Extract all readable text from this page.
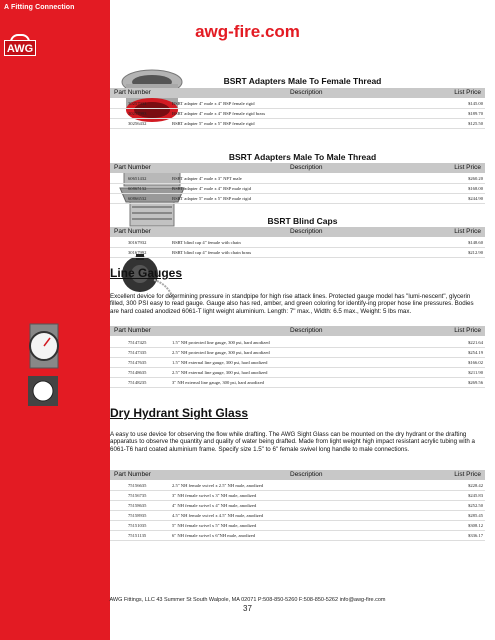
A Fitting Connection
AWG
BSRT Adapters Male To Female Thread
Part Number	Description	List Price
30257932	BSRT adapter 4" male x 4" BSP female rigid	$145.00
30257993	BSRT adapter 4" male x 4" BSP female rigid brass	$189.70
30256432	BSRT adapter 5" male x 5" BSP female rigid	$125.50
BSRT Adapters Male To Male Thread
Part Number	Description	List Price
60651432	BSRT adapter 4" male x 3" NPT male	$260.20
60865132	BSRT adapter 4" male x 4" BSP male rigid	$168.00
60866532	BSRT adapter 5" male x 5" BSP male rigid	$244.90
BSRT Blind Caps
Part Number	Description	List Price
30167932	BSRT blind cap 4" female with chain	$148.60
30167992	BSRT blind cap 4" female with chain brass	$212.90
Line Gauges
Excellent device for determining pressure in standpipe for high rise attack lines. Protected gauge model has "lumi-nescent", glycerin filled, 300 PSI easy to read gauge. Gauge also has red, amber, and green coloring for identify-ing proper hose line pressures. Bodies are hard coated anodized 6061-T light weight aluminium. Length: 7" max., Width: 6.5 max., Weight: 5 lbs max.
Part Number	Description	List Price
75147425	1.5" NH protected line gauge, 300 psi, hard anodized	$221.64
75147335	2.5" NH protected line gauge, 300 psi, hard anodized	$254.19
75147635	1.5" NH external line gauge, 300 psi, hard anodized	$166.02
75148635	2.5" NH external line gauge, 300 psi, hard anodized	$211.90
75148235	3" NH external line gauge, 300 psi, hard anodized	$269.56
Dry Hydrant Sight Glass
A easy to use device for observing the flow while drafting. The AWG Sight Glass can be mounted on the dry hydrant or the drafting apparatus to observe the quantity and quality of water being drafted. Made from light weight high impact resistant acrylic tubing with a 6061-T6 hard coated aluminium frame. Specify size 1.5" to 6" female swivel long handle to male connections.
Part Number	Description	List Price
75156635	2.5" NH female swivel x 2.5" NH male, anodized	$228.42
75156735	3" NH female swivel x 3" NH male, anodized	$245.83
75158635	4" NH female swivel x 4" NH male, anodized	$252.50
75158935	4.5" NH female swivel x 4.5" NH male, anodized	$285.45
75151035	5" NH female swivel x 5" NH male, anodized	$308.12
75151135	6" NH female swivel x 6"NH male, anodized	$336.17
awg-fire.com
AWG Fittings, LLC 43 Summer St South Walpole, MA 02071 P:508-850-5260 F:508-850-5262 info@awg-fire.com
37
